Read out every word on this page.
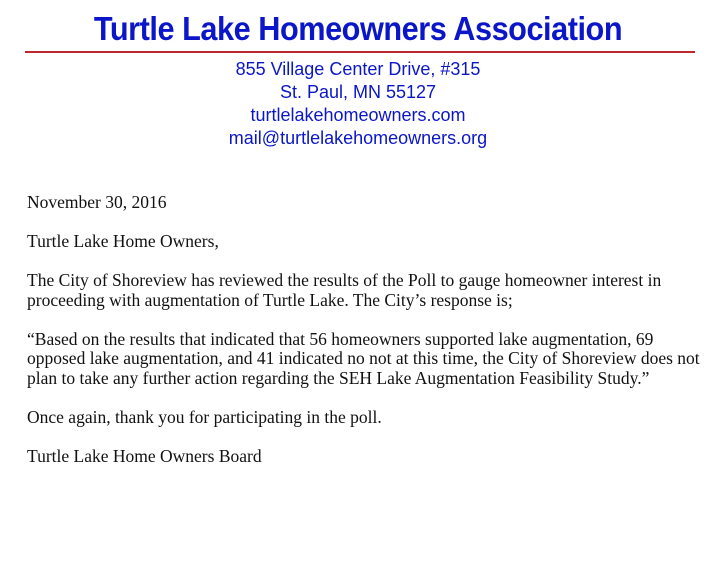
Turtle Lake Homeowners Association
855 Village Center Drive, #315
St. Paul, MN 55127
turtlelakehomeowners.com
mail@turtlelakehomeowners.org

November 30, 2016

Turtle Lake Home Owners,

The City of Shoreview has reviewed the results of the Poll to gauge homeowner interest in proceeding with augmentation of Turtle Lake. The City’s response is;

“Based on the results that indicated that 56 homeowners supported lake augmentation, 69 opposed lake augmentation, and 41 indicated no not at this time, the City of Shoreview does not plan to take any further action regarding the SEH Lake Augmentation Feasibility Study.”

Once again, thank you for participating in the poll.

Turtle Lake Home Owners Board
